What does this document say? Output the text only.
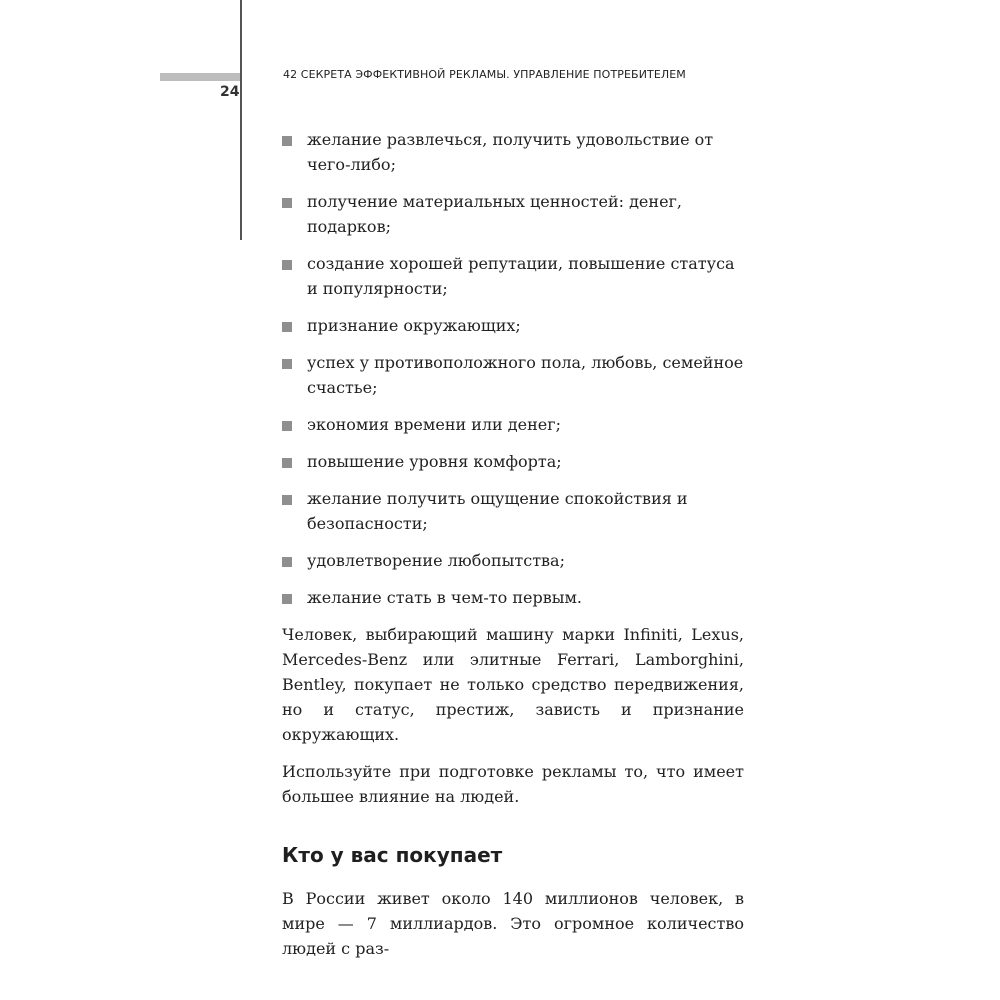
24
42 СЕКРЕТА ЭФФЕКТИВНОЙ РЕКЛАМЫ. УПРАВЛЕНИЕ ПОТРЕБИТЕЛЕМ
желание развлечься, получить удовольствие от чего-либо;
получение материальных ценностей: денег, подарков;
создание хорошей репутации, повышение статуса и популярности;
признание окружающих;
успех у противоположного пола, любовь, семейное счастье;
экономия времени или денег;
повышение уровня комфорта;
желание получить ощущение спокойствия и безопасности;
удовлетворение любопытства;
желание стать в чем-то первым.

Человек, выбирающий машину марки Infiniti, Lexus, Mercedes-Benz или элитные Ferrari, Lamborghini, Bentley, покупает не только средство передвижения, но и статус, престиж, зависть и признание окружающих.

Используйте при подготовке рекламы то, что имеет большее влияние на людей.

Кто у вас покупает

В России живет около 140 миллионов человек, в мире — 7 миллиардов. Это огромное количество людей с раз-
